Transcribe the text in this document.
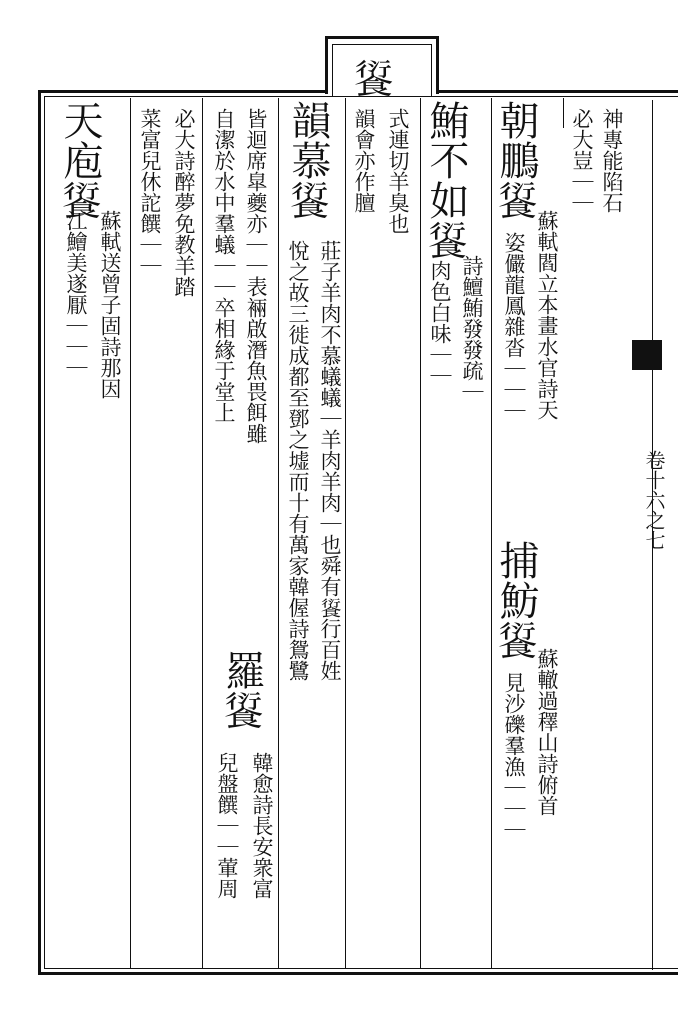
卷十六之七
神專能陷石
必大豈｜｜
朝鵬𩜾
蘇軾閻立本畫水官詩天
姿儼龍鳳雜沓｜｜｜
捕魴𩜾
蘇轍過䆁山詩俯首
見沙礫羣漁｜｜｜
鮪不如𩜾
詩鱣鮪發發疏｜
肉色白味｜｜
𩜾
式連切羊臭也
韻會亦作膻
韻慕𩜾
莊子羊肉不慕蟻蟻｜羊肉羊肉｜也舜有𩜾行百姓
悅之故三徙成都至鄧之墟而十有萬家韓偓詩鴛鷺
皆迴席皐夔亦｜｜表裲啟潛魚畏餌雖
自潔於水中羣蟻｜｜卒相緣于堂上
羅𩜾
韓愈詩長安衆富
兒盤饌｜｜葷周
必大詩醉夢免教羊踏
菜富兒休詑饌｜｜
天庖𩜾
蘇軾送曾子固詩那因
江鱠美遂厭｜｜｜
